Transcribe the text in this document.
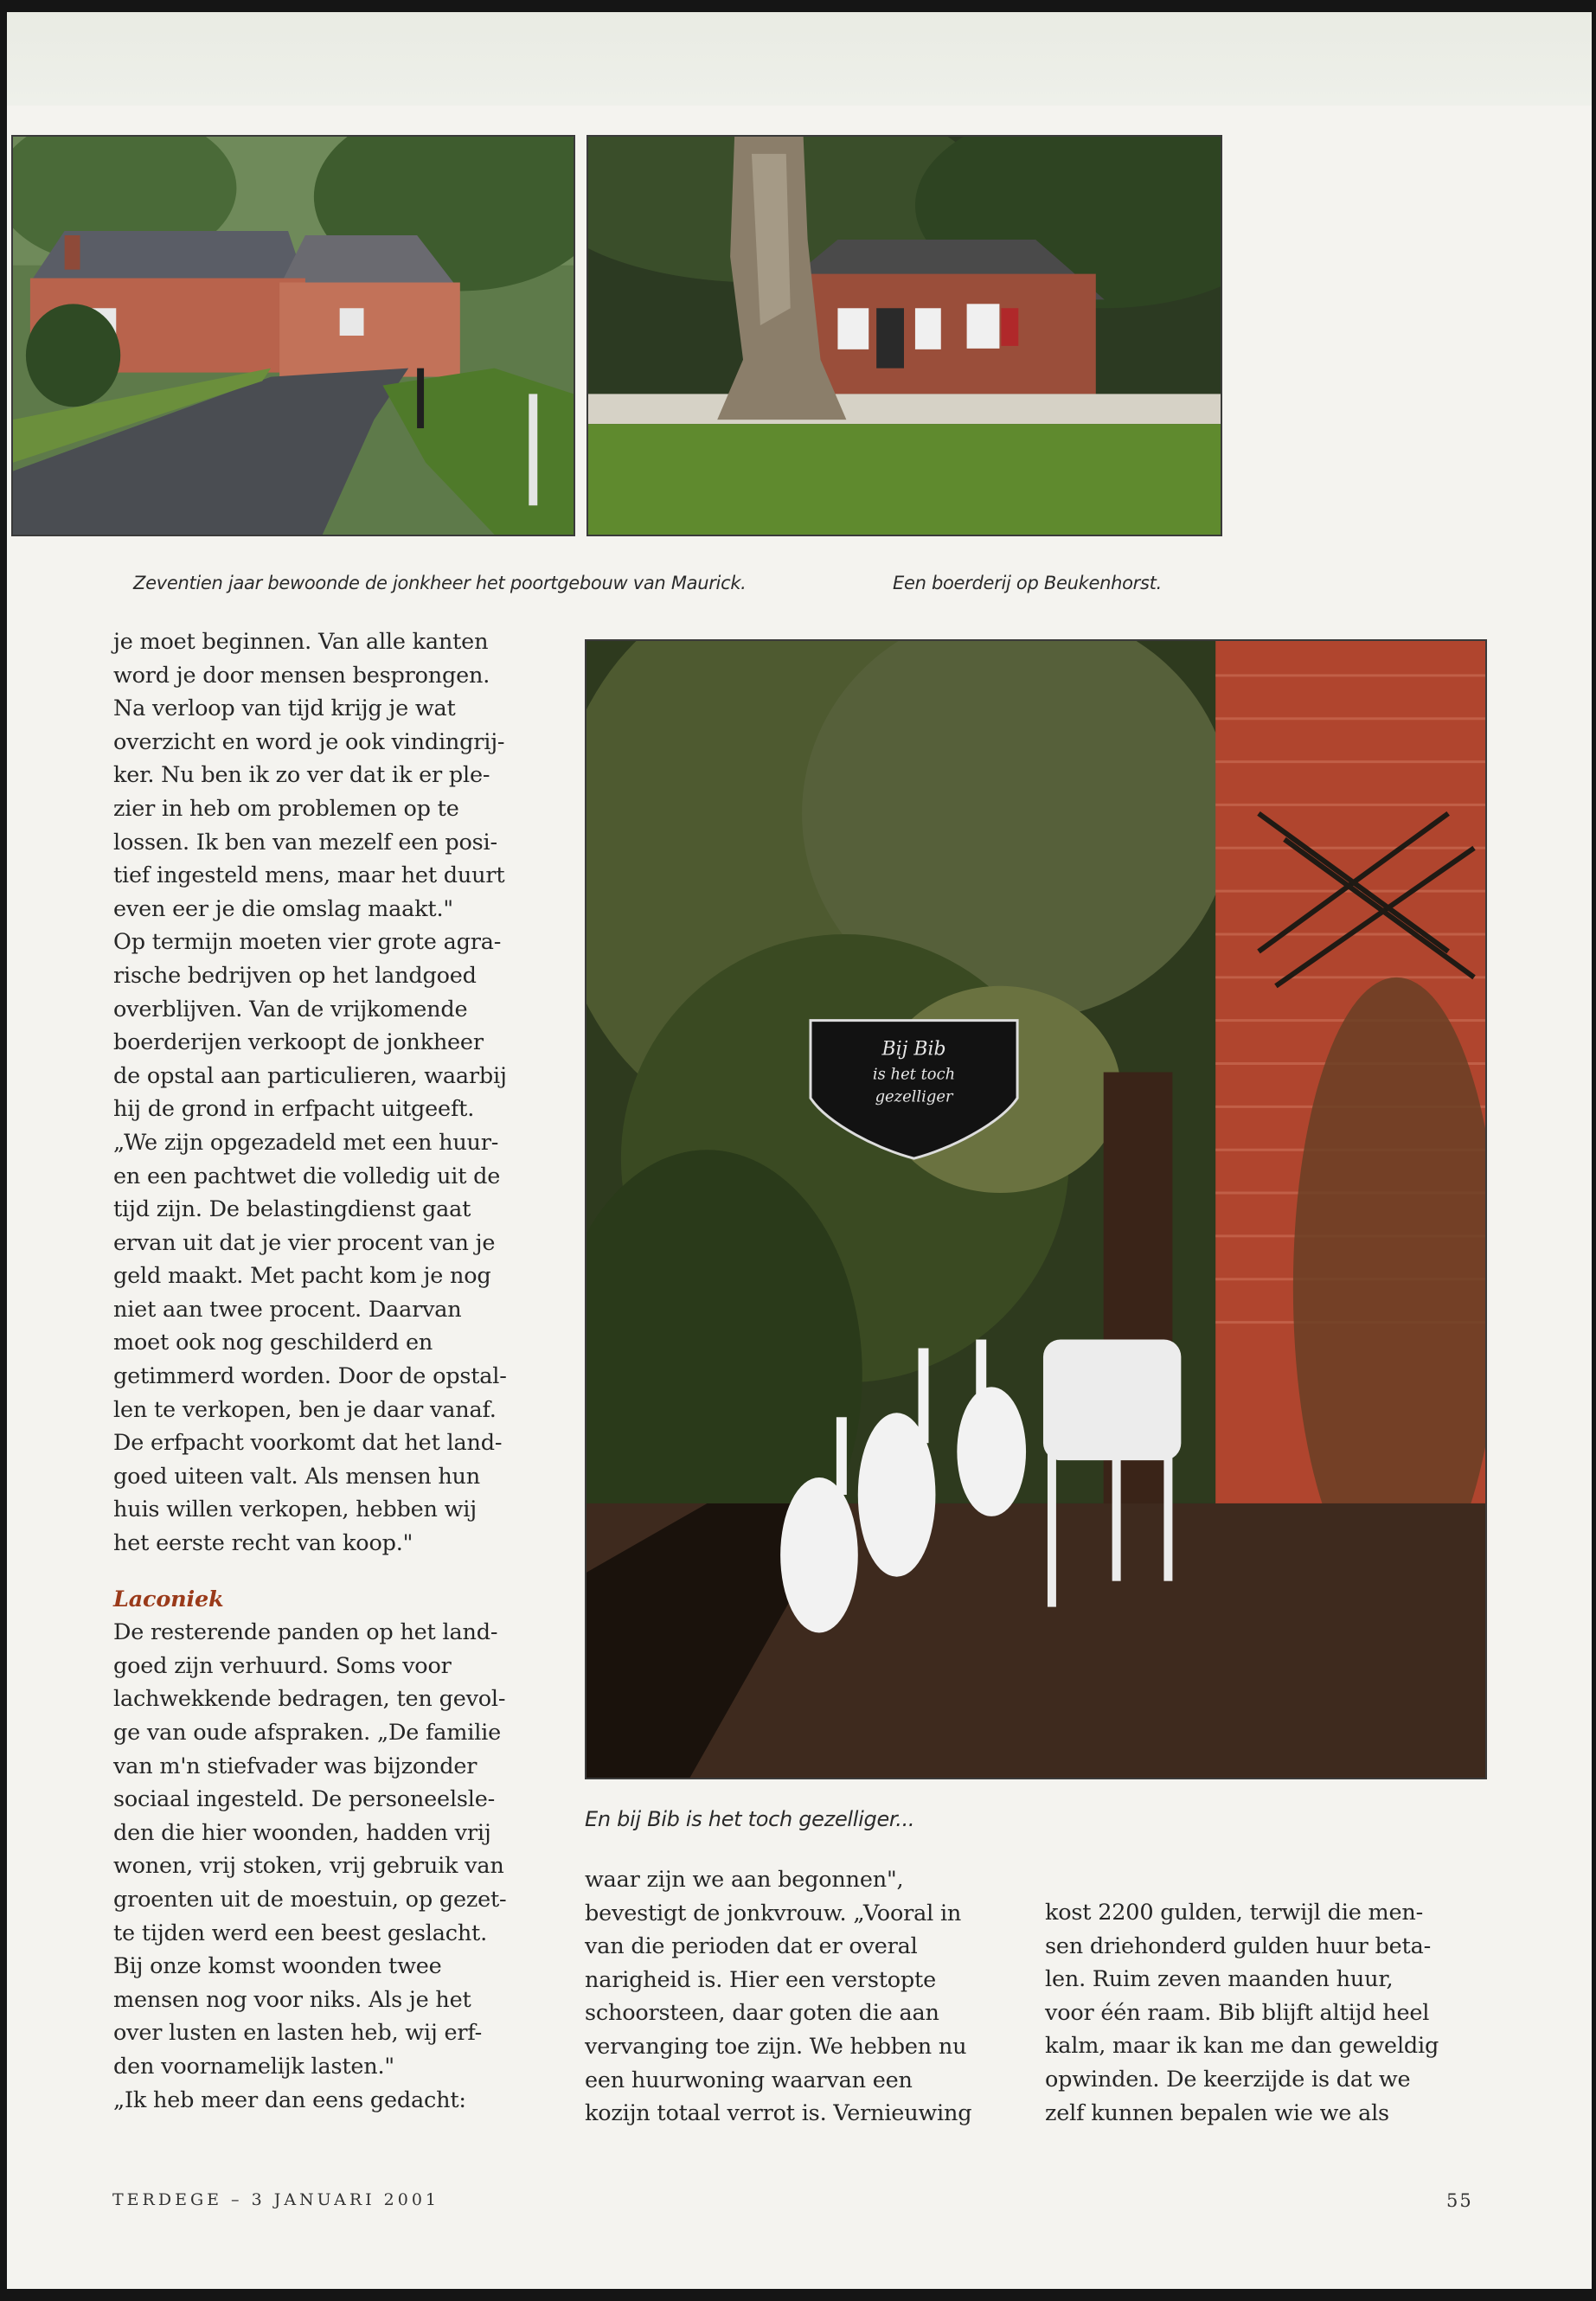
Zeventien jaar bewoonde de jonkheer het poortgebouw van Maurick.	Een boerderij op Beukenhorst.
Bij Bib
is het toch
gezelliger
En bij Bib is het toch gezelliger...
je moet beginnen. Van alle kanten
word je door mensen besprongen.
Na verloop van tijd krijg je wat
overzicht en word je ook vindingrij-
ker. Nu ben ik zo ver dat ik er ple-
zier in heb om problemen op te
lossen. Ik ben van mezelf een posi-
tief ingesteld mens, maar het duurt
even eer je die omslag maakt."
Op termijn moeten vier grote agra-
rische bedrijven op het landgoed
overblijven. Van de vrijkomende
boerderijen verkoopt de jonkheer
de opstal aan particulieren, waarbij
hij de grond in erfpacht uitgeeft.
„We zijn opgezadeld met een huur-
en een pachtwet die volledig uit de
tijd zijn. De belastingdienst gaat
ervan uit dat je vier procent van je
geld maakt. Met pacht kom je nog
niet aan twee procent. Daarvan
moet ook nog geschilderd en
getimmerd worden. Door de opstal-
len te verkopen, ben je daar vanaf.
De erfpacht voorkomt dat het land-
goed uiteen valt. Als mensen hun
huis willen verkopen, hebben wij
het eerste recht van koop."
Laconiek
De resterende panden op het land-
goed zijn verhuurd. Soms voor
lachwekkende bedragen, ten gevol-
ge van oude afspraken. „De familie
van m'n stiefvader was bijzonder
sociaal ingesteld. De personeelsle-
den die hier woonden, hadden vrij
wonen, vrij stoken, vrij gebruik van
groenten uit de moestuin, op gezet-
te tijden werd een beest geslacht.
Bij onze komst woonden twee
mensen nog voor niks. Als je het
over lusten en lasten heb, wij erf-
den voornamelijk lasten."
„Ik heb meer dan eens gedacht:
waar zijn we aan begonnen",
bevestigt de jonkvrouw. „Vooral in
van die perioden dat er overal
narigheid is. Hier een verstopte
schoorsteen, daar goten die aan
vervanging toe zijn. We hebben nu
een huurwoning waarvan een
kozijn totaal verrot is. Vernieuwing
kost 2200 gulden, terwijl die men-
sen driehonderd gulden huur beta-
len. Ruim zeven maanden huur,
voor één raam. Bib blijft altijd heel
kalm, maar ik kan me dan geweldig
opwinden. De keerzijde is dat we
zelf kunnen bepalen wie we als
TERDEGE – 3 JANUARI 2001	55
